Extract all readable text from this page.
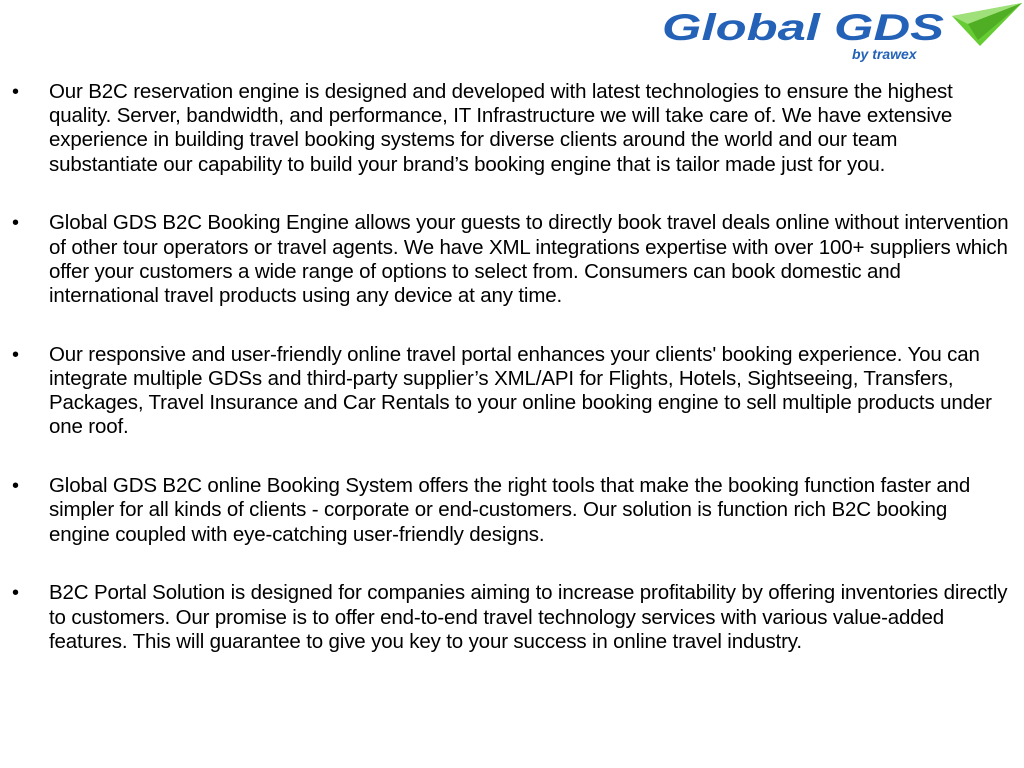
Global GDS
by trawex
• Our B2C reservation engine is designed and developed with latest technologies to ensure the highest quality. Server, bandwidth, and performance, IT Infrastructure we will take care of. We have extensive experience in building travel booking systems for diverse clients around the world and our team substantiate our capability to build your brand’s booking engine that is tailor made just for you.
• Global GDS B2C Booking Engine allows your guests to directly book travel deals online without intervention of other tour operators or travel agents. We have XML integrations expertise with over 100+ suppliers which offer your customers a wide range of options to select from. Consumers can book domestic and international travel products using any device at any time.
• Our responsive and user-friendly online travel portal enhances your clients' booking experience. You can integrate multiple GDSs and third-party supplier’s XML/API for Flights, Hotels, Sightseeing, Transfers, Packages, Travel Insurance and Car Rentals to your online booking engine to sell multiple products under one roof.
• Global GDS B2C online Booking System offers the right tools that make the booking function faster and simpler for all kinds of clients - corporate or end-customers. Our solution is function rich B2C booking engine coupled with eye-catching user-friendly designs.
• B2C Portal Solution is designed for companies aiming to increase profitability by offering inventories directly to customers. Our promise is to offer end-to-end travel technology services with various value-added features. This will guarantee to give you key to your success in online travel industry.
